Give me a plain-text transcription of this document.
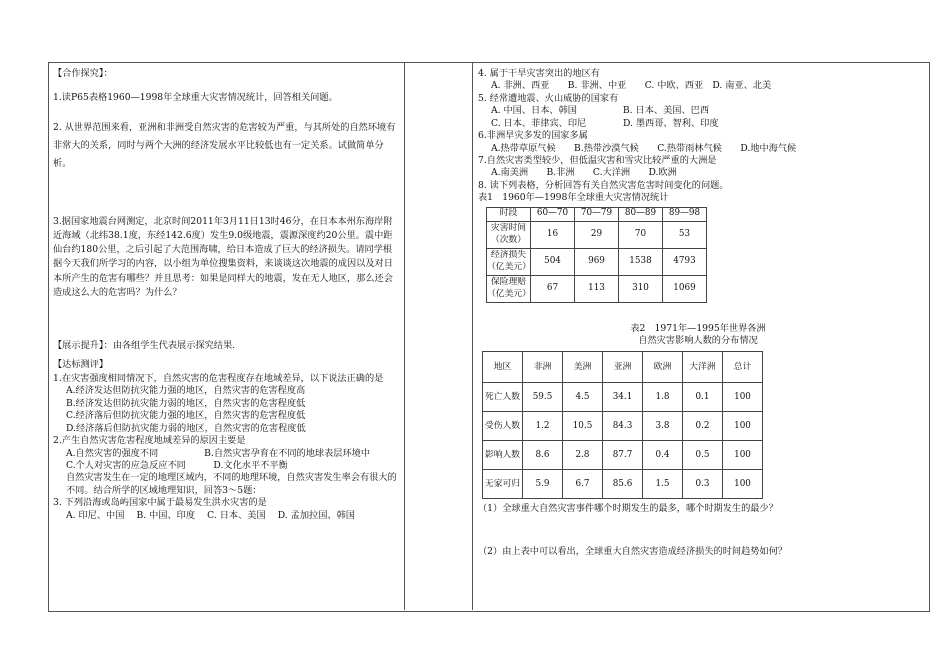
【合作探究】：

1.读P65表格1960—1998年全球重大灾害情况统计，回答相关问题。

2. 从世界范围来看，亚洲和非洲受自然灾害的危害较为严重，与其所处的自然环境有非常大的关系，同时与两个大洲的经济发展水平比较低也有一定关系。试做简单分析。

3.据国家地震台网测定，北京时间2011年3月11日13时46分，在日本本州东海岸附近海域（北纬38.1度，东经142.6度）发生9.0级地震，震源深度约20公里。震中距仙台约180公里，之后引起了大范围海啸，给日本造成了巨大的经济损失。请同学根据今天我们所学习的内容，以小组为单位搜集资料，来谈谈这次地震的成因以及对日本所产生的危害有哪些？并且思考：如果是同样大的地震，发在无人地区，那么还会造成这么大的危害吗？为什么？

【展示提升】：由各组学生代表展示探究结果.

【达标测评】

1.在灾害强度相同情况下，自然灾害的危害程度存在地域差异，以下说法正确的是

A.经济发达但防抗灾能力强的地区，自然灾害的危害程度高

B.经济发达但防抗灾能力弱的地区，自然灾害的危害程度低

C.经济落后但防抗灾能力强的地区，自然灾害的危害程度低

D.经济落后但防抗灾能力弱的地区，自然灾害的危害程度低

2.产生自然灾害危害程度地域差异的原因主要是

A.自然灾害的强度不同　　　　　B.自然灾害孕育在不同的地球表层环境中

C.个人对灾害的应急反应不同　　　D.文化水平不平衡

自然灾害发生在一定的地理区域内，不同的地理环境，自然灾害发生率会有很大的不同。结合所学的区域地理知识，回答3～5题：

3. 下列沿海或岛屿国家中属于最易发生洪水灾害的是

A. 印尼、中国　 B. 中国、印度　 C. 日本、美国　 D. 孟加拉国、韩国

4. 属于干旱灾害突出的地区有

A. 非洲、西亚　　B. 非洲、中亚　　C. 中欧、西亚　D. 南亚、北美

5. 经常遭地震、火山威胁的国家有

A. 中国、日本、韩国　　　　　B. 日本、美国、巴西

C. 日本、菲律宾、印尼　　　　D. 墨西哥、智利、印度

6.非洲旱灾多发的国家多属

A.热带草原气候　　B.热带沙漠气候　　C.热带雨林气候　　D.地中海气候

7.自然灾害类型较少，但低温灾害和雪灾比较严重的大洲是

A.南美洲　　B.非洲　　C.大洋洲　　D.欧洲

8. 读下列表格，分析回答有关自然灾害危害时间变化的问题。

表1　1960年—1998年全球重大灾害情况统计

时段	60—70	70—79	80—89	89—98
灾害时间（次数）	16	29	70	53
经济损失（亿美元）	504	969	1538	4793
保险理赔（亿美元）	67	113	310	1069

表2　1971年—1995年世界各洲

自然灾害影响人数的分布情况

地区	非洲	美洲	亚洲	欧洲	大洋洲	总计
死亡人数	59.5	4.5	34.1	1.8	0.1	100
受伤人数	1.2	10.5	84.3	3.8	0.2	100
影响人数	8.6	2.8	87.7	0.4	0.5	100
无家可归	5.9	6.7	85.6	1.5	0.3	100

（1）全球重大自然灾害事件哪个时期发生的最多，哪个时期发生的最少？

（2）由上表中可以看出，全球重大自然灾害造成经济损失的时间趋势如何？
